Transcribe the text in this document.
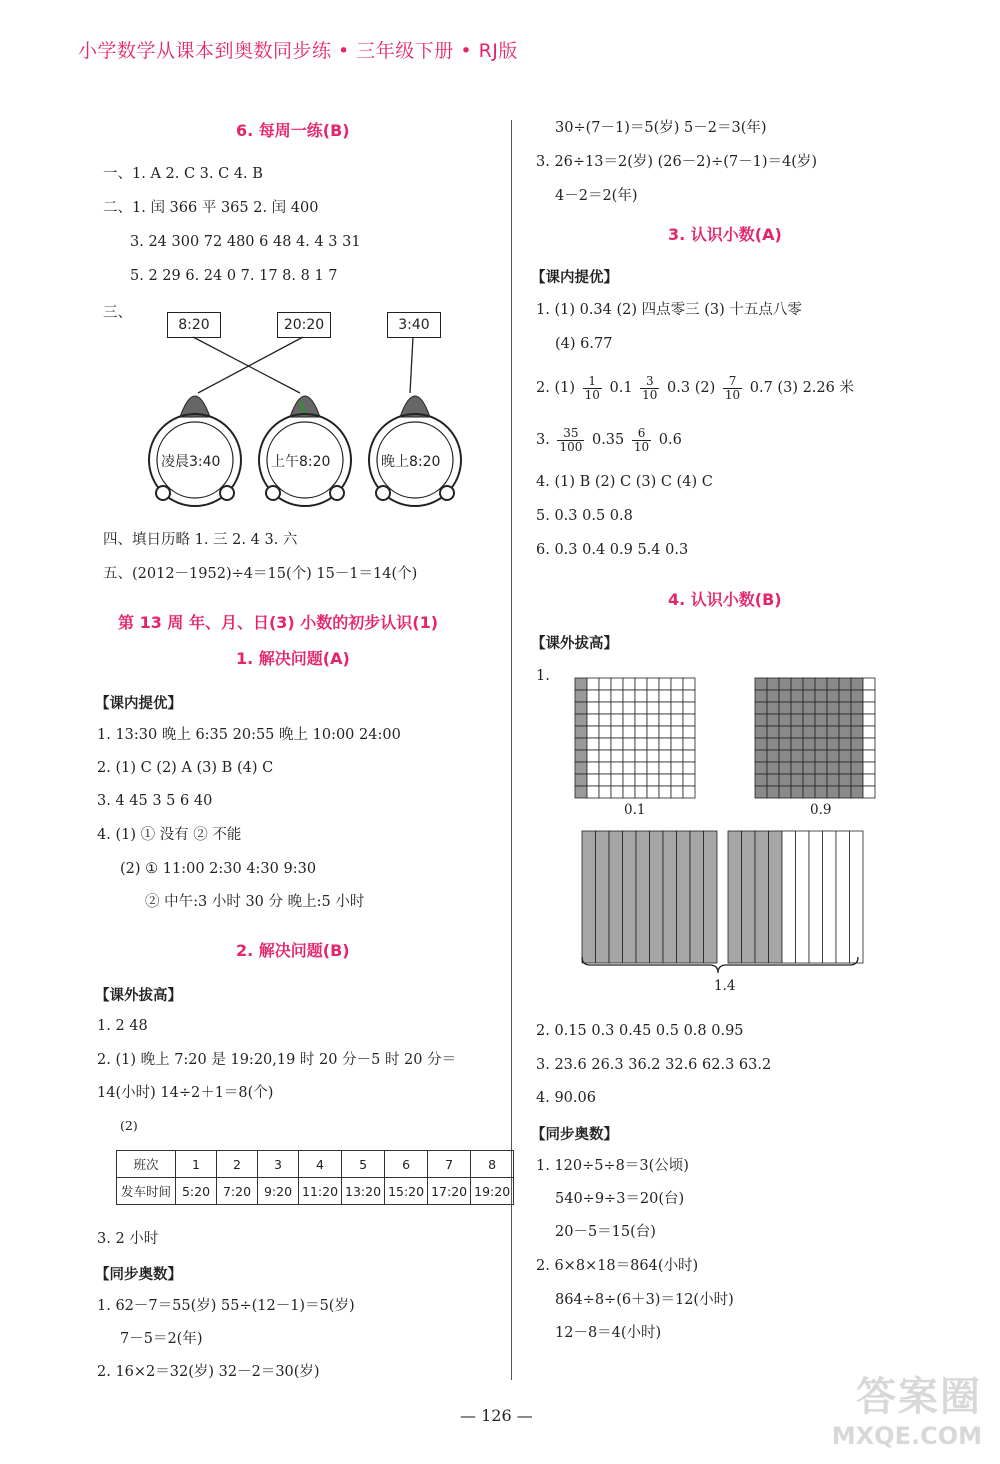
小学数学从课本到奥数同步练 • 三年级下册 • RJ版
6. 每周一练(B)
一、1. A 2. C 3. C 4. B
二、1. 闰 366 平 365 2. 闰 400
3. 24 300 72 480 6 48 4. 4 3 31
5. 2 29 6. 24 0 7. 17 8. 8 1 7
三、
8:20	20:20	3:40
凌晨3:40	上午8:20	晚上8:20
四、填日历略 1. 三 2. 4 3. 六
五、(2012－1952)÷4＝15(个) 15－1＝14(个)
第 13 周 年、月、日(3) 小数的初步认识(1)
1. 解决问题(A)
【课内提优】
1. 13:30 晚上 6:35 20:55 晚上 10:00 24:00
2. (1) C (2) A (3) B (4) C
3. 4 45 3 5 6 40
4. (1) ① 没有 ② 不能
(2) ① 11:00 2:30 4:30 9:30
② 中午:3 小时 30 分 晚上:5 小时
2. 解决问题(B)
【课外拔高】
1. 2 48
2. (1) 晚上 7:20 是 19:20,19 时 20 分－5 时 20 分＝
14(小时) 14÷2＋1＝8(个)
(2)
班次	1	2	3	4	5	6	7	8
发车时间	5:20	7:20	9:20	11:20	13:20	15:20	17:20	19:20
3. 2 小时
【同步奥数】
1. 62－7＝55(岁) 55÷(12－1)＝5(岁)
7－5＝2(年)
2. 16×2＝32(岁) 32－2＝30(岁)
30÷(7－1)＝5(岁) 5－2＝3(年)
3. 26÷13＝2(岁) (26－2)÷(7－1)＝4(岁)
4－2＝2(年)
3. 认识小数(A)
【课内提优】
1. (1) 0.34 (2) 四点零三 (3) 十五点八零
(4) 6.77
2. $(1) \frac{1}{10} 0.1 \frac{3}{10} 0.3$ $(2) \frac{7}{10} 0.7$ (3) 2.26 米
3. $\frac{35}{100} 0.35 \frac{6}{10} 0.6$
4. (1) B (2) C (3) C (4) C
5. 0.3 0.5 0.8
6. 0.3 0.4 0.9 5.4 0.3
4. 认识小数(B)
【课外拔高】
1.
0.1	0.9
1.4
2. 0.15 0.3 0.45 0.5 0.8 0.95
3. 23.6 26.3 36.2 32.6 62.3 63.2
4. 90.06
【同步奥数】
1. 120÷5÷8＝3(公顷)
540÷9÷3＝20(台)
20－5＝15(台)
2. 6×8×18＝864(小时)
864÷8÷(6＋3)＝12(小时)
12－8＝4(小时)
— 126 —	答案圈
MXQE.COM
